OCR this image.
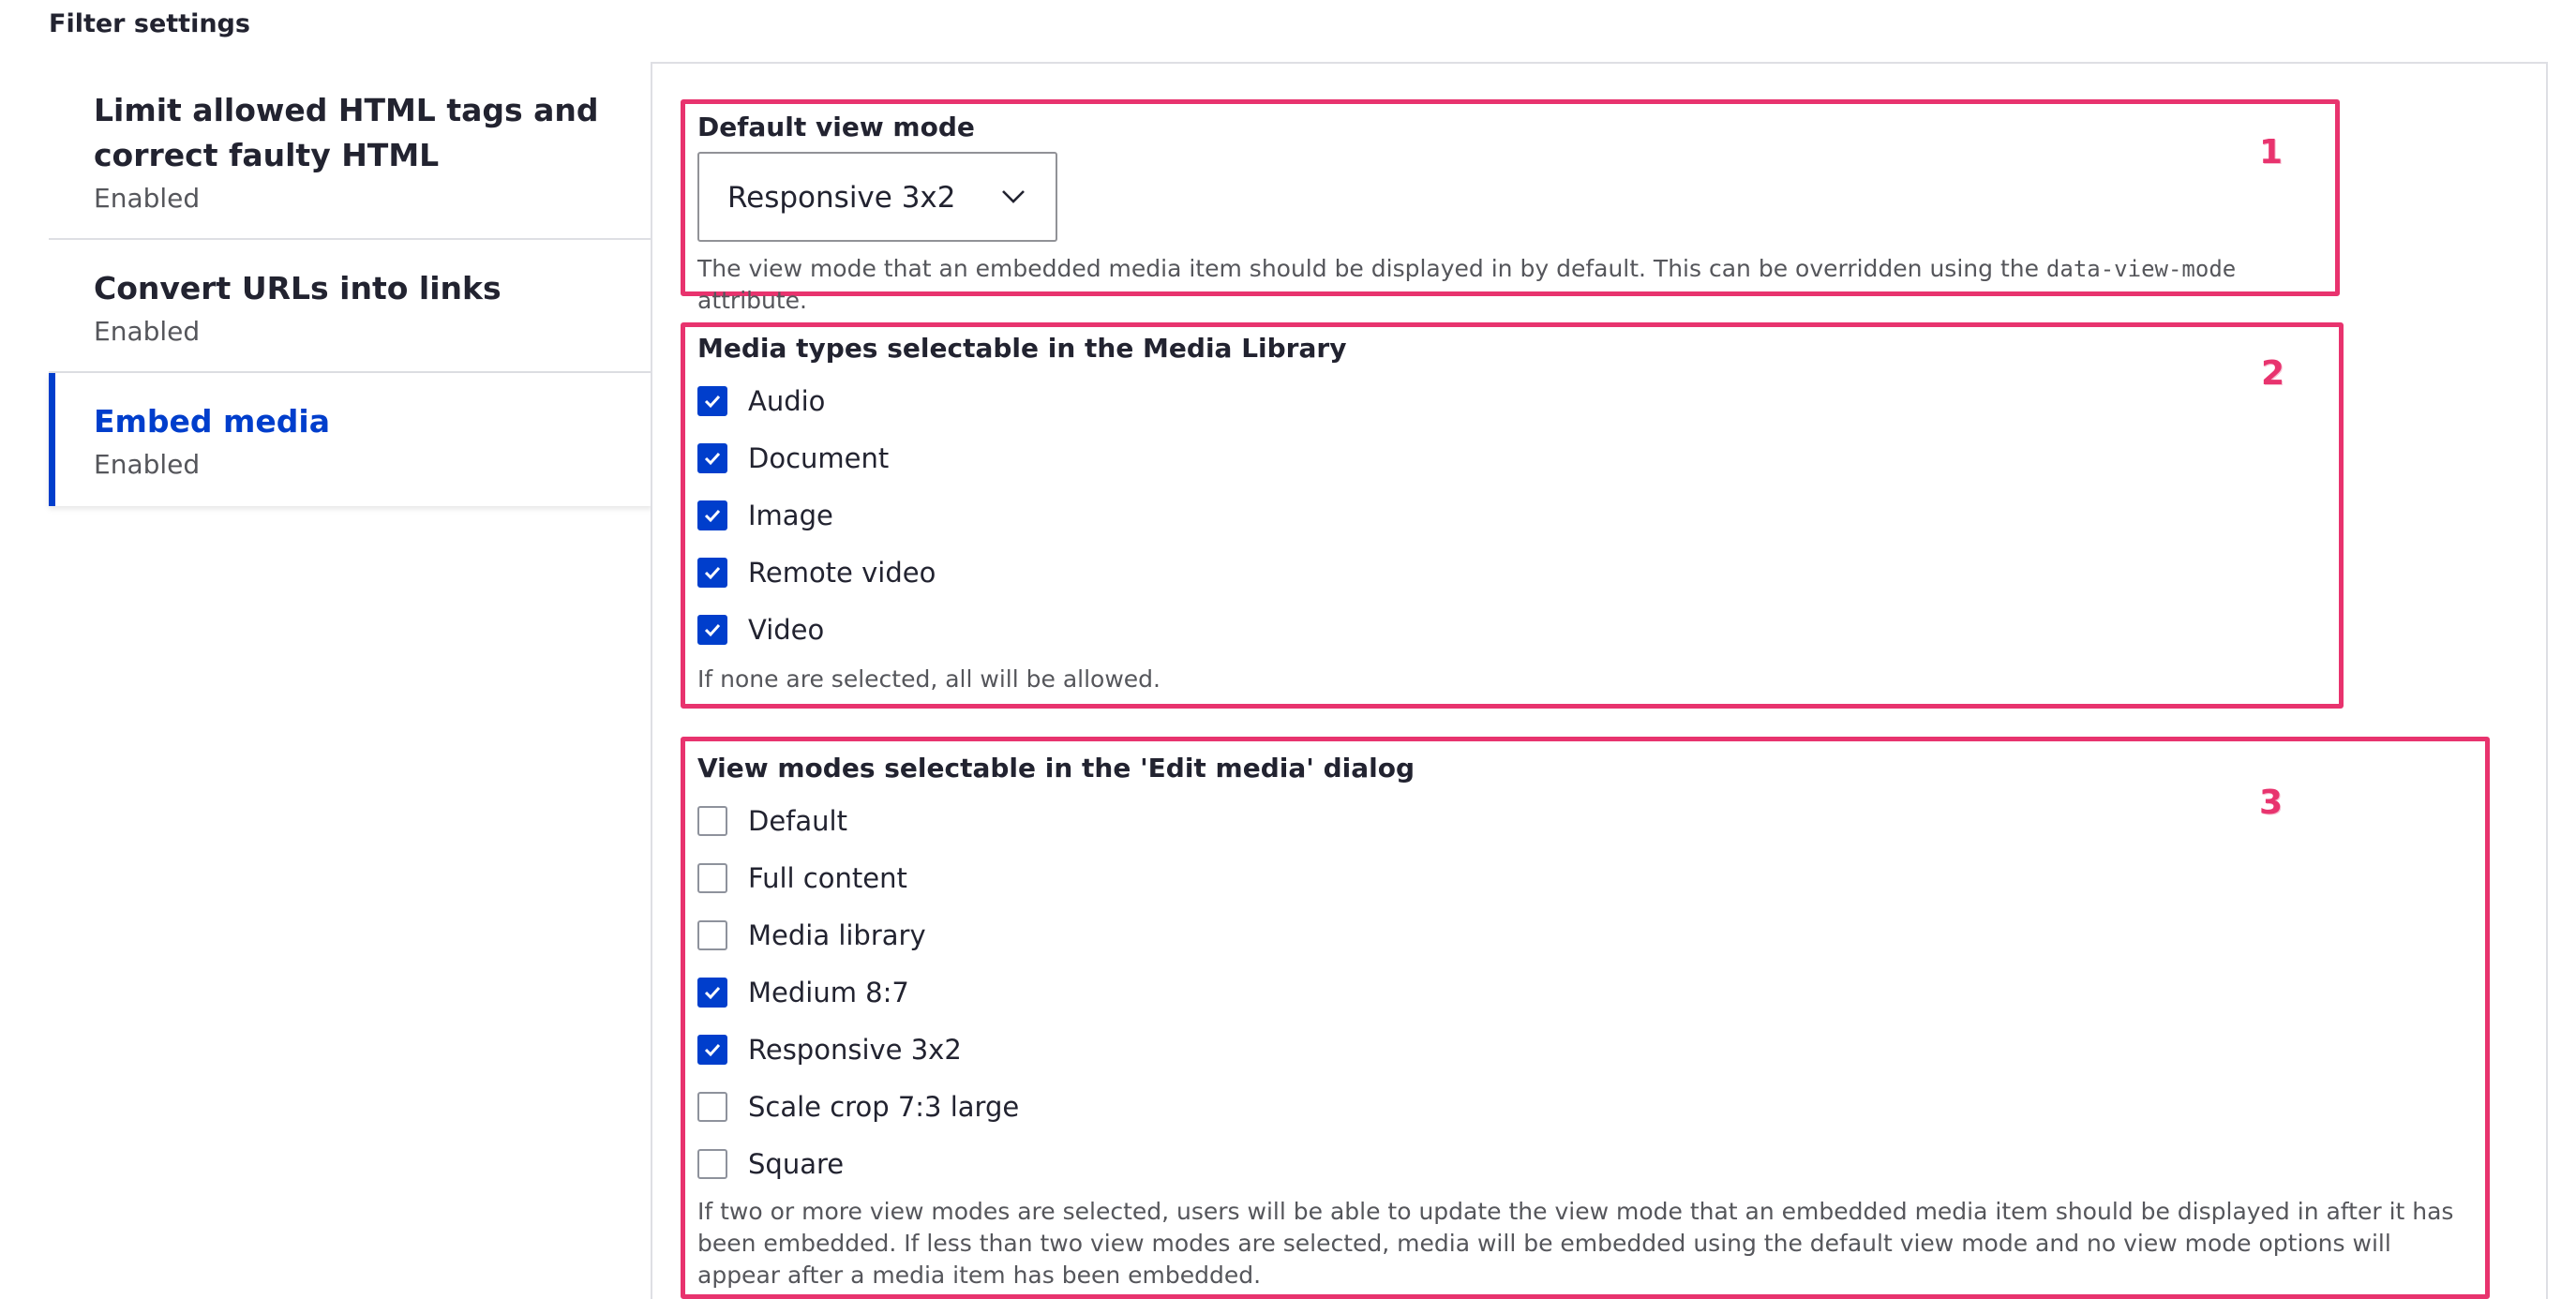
Filter settings
Limit allowed HTML tags and correct faulty HTML
Enabled
Convert URLs into links
Enabled
Embed media
Enabled
1
Default view mode
Responsive 3x2
The view mode that an embedded media item should be displayed in by default. This can be overridden using the data-view-mode attribute.
2
Media types selectable in the Media Library
Audio
Document
Image
Remote video
Video
If none are selected, all will be allowed.
3
View modes selectable in the 'Edit media' dialog
Default
Full content
Media library
Medium 8:7
Responsive 3x2
Scale crop 7:3 large
Square
If two or more view modes are selected, users will be able to update the view mode that an embedded media item should be displayed in after it has been embedded. If less than two view modes are selected, media will be embedded using the default view mode and no view mode options will appear after a media item has been embedded.
